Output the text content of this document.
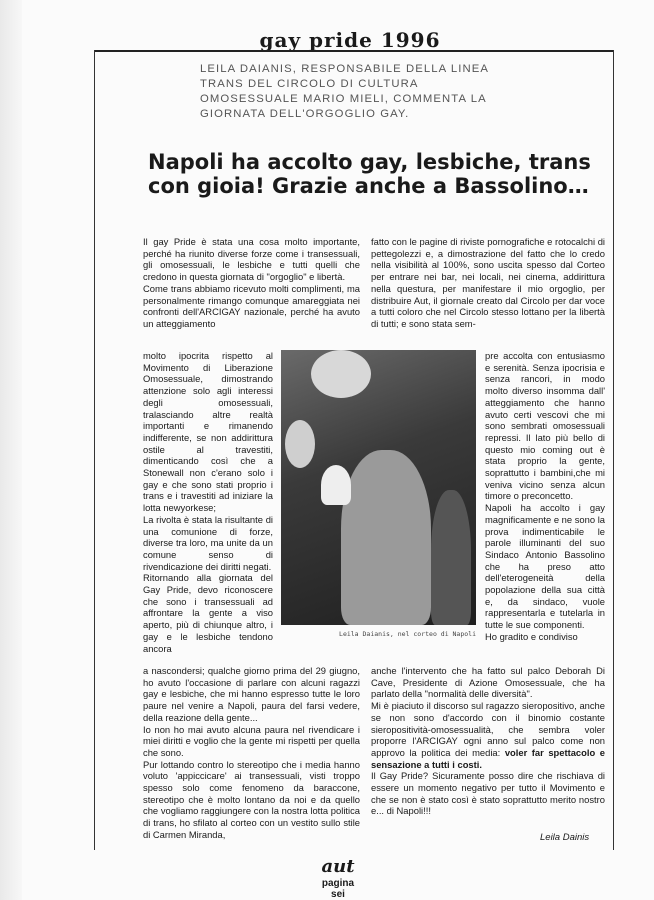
gay pride 1996
LEILA DAIANIS, RESPONSABILE DELLA LINEA TRANS DEL CIRCOLO DI CULTURA OMOSESSUALE MARIO MIELI, COMMENTA LA GIORNATA DELL'ORGOGLIO GAY.
Napoli ha accolto gay, lesbiche, trans con gioia! Grazie anche a Bassolino…

Il gay Pride è stata una cosa molto importante, perché ha riunito diverse forze come i transessuali, gli omosessuali, le lesbiche e tutti quelli che credono in questa giornata di "orgoglio" e libertà.

Come trans abbiamo ricevuto molti complimenti, ma personalmente rimango comunque amareggiata nei confronti dell'ARCIGAY nazionale, perché ha avuto un atteggiamento

molto ipocrita rispetto al Movimento di Liberazione Omosessuale, dimostrando attenzione solo agli interessi degli omosessuali, tralasciando altre realtà importanti e rimanendo indifferente, se non addirittura ostile al travestiti, dimenticando così che a Stonewall non c'erano solo i gay e che sono stati proprio i trans e i travestiti ad iniziare la lotta newyorkese;

La rivolta è stata la risultante di una comunione di forze, diverse tra loro, ma unite da un comune senso di rivendicazione dei diritti negati.

Ritornando alla giornata del Gay Pride, devo riconoscere che sono i transessuali ad affrontare la gente a viso aperto, più di chiunque altro, i gay e le lesbiche tendono ancora

Leila Daianis, nel corteo di Napoli

a nascondersi; qualche giorno prima del 29 giugno, ho avuto l'occasione di parlare con alcuni ragazzi gay e lesbiche, che mi hanno espresso tutte le loro paure nel venire a Napoli, paura del farsi vedere, della reazione della gente...

Io non ho mai avuto alcuna paura nel rivendicare i miei diritti e voglio che la gente mi rispetti per quella che sono.

Pur lottando contro lo stereotipo che i media hanno voluto 'appiccicare' ai transessuali, visti troppo spesso solo come fenomeno da baraccone, stereotipo che è molto lontano da noi e da quello che vogliamo raggiungere con la nostra lotta politica di trans, ho sfilato al corteo con un vestito sullo stile di Carmen Miranda,

fatto con le pagine di riviste pornografiche e rotocalchi di pettegolezzi e, a dimostrazione del fatto che lo credo nella visibilità al 100%, sono uscita spesso dal Corteo per entrare nei bar, nei locali, nei cinema, addirittura nella questura, per manifestare il mio orgoglio, per distribuire Aut, il giornale creato dal Circolo per dar voce a tutti coloro che nel Circolo stesso lottano per la libertà di tutti; e sono stata sem-

pre accolta con entusiasmo e serenità. Senza ipocrisia e senza rancori, in modo molto diverso insomma dall' atteggiamento che hanno avuto certi vescovi che mi sono sembrati omosessuali repressi. Il lato più bello di questo mio coming out è stata proprio la gente, soprattutto i bambini,che mi veniva vicino senza alcun timore o preconcetto.

Napoli ha accolto i gay magnificamente e ne sono la prova indimenticabile le parole illuminanti del suo Sindaco Antonio Bassolino che ha preso atto dell'eterogeneità della popolazione della sua città e, da sindaco, vuole rappresentarla e tutelarla in tutte le sue componenti.

Ho gradito e condiviso

anche l'intervento che ha fatto sul palco Deborah Di Cave, Presidente di Azione Omosessuale, che ha parlato della "normalità delle diversità".

Mi è piaciuto il discorso sul ragazzo sieropositivo, anche se non sono d'accordo con il binomio costante sieropositività-omosessualità, che sembra voler proporre l'ARCIGAY ogni anno sul palco come non approvo la politica dei media: voler far spettacolo e sensazione a tutti i costi.

Il Gay Pride? Sicuramente posso dire che rischiava di essere un momento negativo per tutto il Movimento e che se non è stato così è stato soprattutto merito nostro e... di Napoli!!!

Leila Dainis
aut
pagina
sei
